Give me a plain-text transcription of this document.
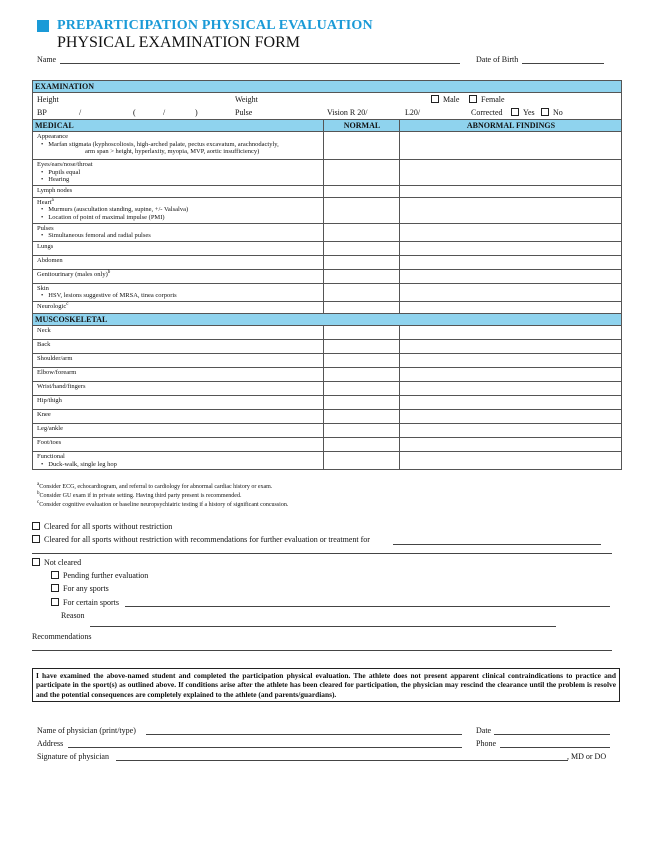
PREPARTICIPATION PHYSICAL EVALUATION
PHYSICAL EXAMINATION FORM
Name	Date of Birth
EXAMINATION
Height	Weight	Male	Female
BP	/	(	/	)	Pulse	Vision R 20/	L20/	Corrected	Yes	No
MEDICAL	NORMAL	ABNORMAL FINDINGS
Appearance
• Marfan stigmata (kyphoscoliosis, high-arched palate, pectus excavatum, arachnodactyly,
arm span > height, hyperlaxity, myopia, MVP, aortic insufficiency)
Eyes/ears/nose/throat
• Pupils equal
• Hearing
Lymph nodes
Heart$^a$
• Murmurs (auscultation standing, supine, +/- Valsalva)
• Location of point of maximal impulse (PMI)
Pulses
• Simultaneous femoral and radial pulses
Lungs
Abdomen
Genitourinary (males only)$^b$
Skin
• HSV, lesions suggestive of MRSA, tinea corporis
Neurologic$^c$
MUSCOSKELETAL
Neck
Back
Shoulder/arm
Elbow/forearm
Wrist/hand/fingers
Hip/thigh
Knee
Leg/ankle
Foot/toes
Functional
• Duck-walk, single leg hop
$^a$Consider ECG, echocardiogram, and referral to cardiology for abnormal cardiac history or exam.
$^b$Consider GU exam if in private setting. Having third party present is recommended.
$^c$Consider cognitive evaluation or baseline neuropsychiatric testing if a history of significant concussion.
Cleared for all sports without restriction
Cleared for all sports without restriction with recommendations for further evaluation or treatment for
Not cleared
Pending further evaluation
For any sports
For certain sports
Reason
Recommendations
I have examined the above-named student and completed the participation physical evaluation. The athlete does not present apparent clinical contraindications to practice and participate in the sport(s) as outlined above. If conditions arise after the athlete has been cleared for participation, the physician may rescind the clearance until the problem is resolve and the potential consequences are completely explained to the athlete (and parents/guardians).
Name of physician (print/type)	Date
Address	Phone
Signature of physician	, MD or DO
